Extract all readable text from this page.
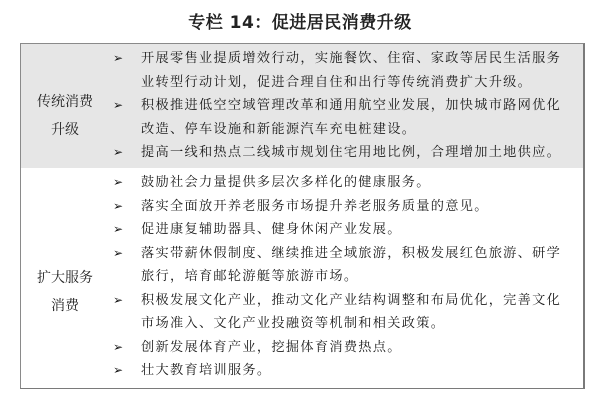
专栏 14：促进居民消费升级
传统消费
升级
➢ 开展零售业提质增效行动，实施餐饮、住宿、家政等居民生活服务业转型行动计划，促进合理自住和出行等传统消费扩大升级。
➢ 积极推进低空空域管理改革和通用航空业发展，加快城市路网优化改造、停车设施和新能源汽车充电桩建设。
➢ 提高一线和热点二线城市规划住宅用地比例，合理增加土地供应。
扩大服务
消费
➢ 鼓励社会力量提供多层次多样化的健康服务。
➢ 落实全面放开养老服务市场提升养老服务质量的意见。
➢ 促进康复辅助器具、健身休闲产业发展。
➢ 落实带薪休假制度、继续推进全域旅游，积极发展红色旅游、研学旅行，培育邮轮游艇等旅游市场。
➢ 积极发展文化产业，推动文化产业结构调整和布局优化，完善文化市场准入、文化产业投融资等机制和相关政策。
➢ 创新发展体育产业，挖掘体育消费热点。
➢ 壮大教育培训服务。
